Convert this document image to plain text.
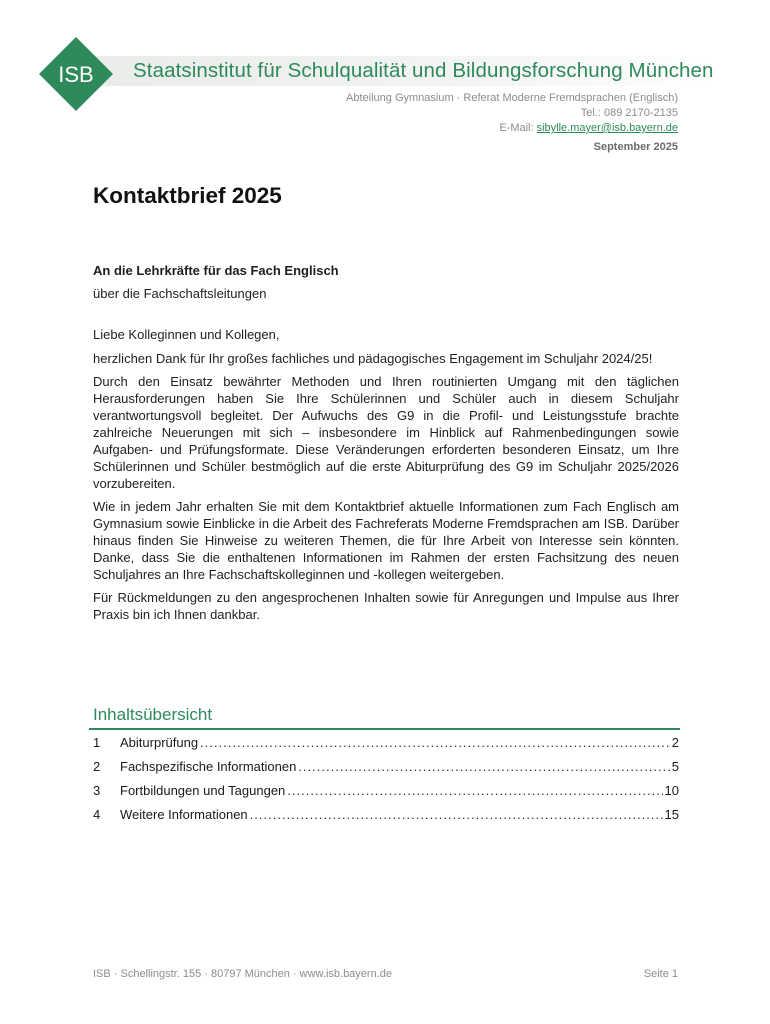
ISB Staatsinstitut für Schulqualität und Bildungsforschung München
Abteilung Gymnasium · Referat Moderne Fremdsprachen (Englisch)
Tel.: 089 2170-2135
E-Mail: sibylle.mayer@isb.bayern.de
September 2025
Kontaktbrief 2025

An die Lehrkräfte für das Fach Englisch

über die Fachschaftsleitungen

Liebe Kolleginnen und Kollegen,

herzlichen Dank für Ihr großes fachliches und pädagogisches Engagement im Schuljahr 2024/25!

Durch den Einsatz bewährter Methoden und Ihren routinierten Umgang mit den täglichen Herausforderungen haben Sie Ihre Schülerinnen und Schüler auch in diesem Schuljahr verantwortungsvoll begleitet. Der Aufwuchs des G9 in die Profil- und Leistungsstufe brachte zahlreiche Neuerungen mit sich – insbesondere im Hinblick auf Rahmenbedingungen sowie Aufgaben- und Prüfungsformate. Diese Veränderungen erforderten besonderen Einsatz, um Ihre Schülerinnen und Schüler bestmöglich auf die erste Abiturprüfung des G9 im Schuljahr 2025/2026 vorzubereiten.

Wie in jedem Jahr erhalten Sie mit dem Kontaktbrief aktuelle Informationen zum Fach Englisch am Gymnasium sowie Einblicke in die Arbeit des Fachreferats Moderne Fremdsprachen am ISB. Darüber hinaus finden Sie Hinweise zu weiteren Themen, die für Ihre Arbeit von Interesse sein könnten. Danke, dass Sie die enthaltenen Informationen im Rahmen der ersten Fachsitzung des neuen Schuljahres an Ihre Fachschaftskolleginnen und -kollegen weitergeben.

Für Rückmeldungen zu den angesprochenen Inhalten sowie für Anregungen und Impulse aus Ihrer Praxis bin ich Ihnen dankbar.

Inhaltsübersicht
1	Abiturprüfung .....	2
2	Fachspezifische Informationen .....	5
3	Fortbildungen und Tagungen .....	10
4	Weitere Informationen .....	15
ISB · Schellingstr. 155 · 80797 München · www.isb.bayern.de	Seite 1
